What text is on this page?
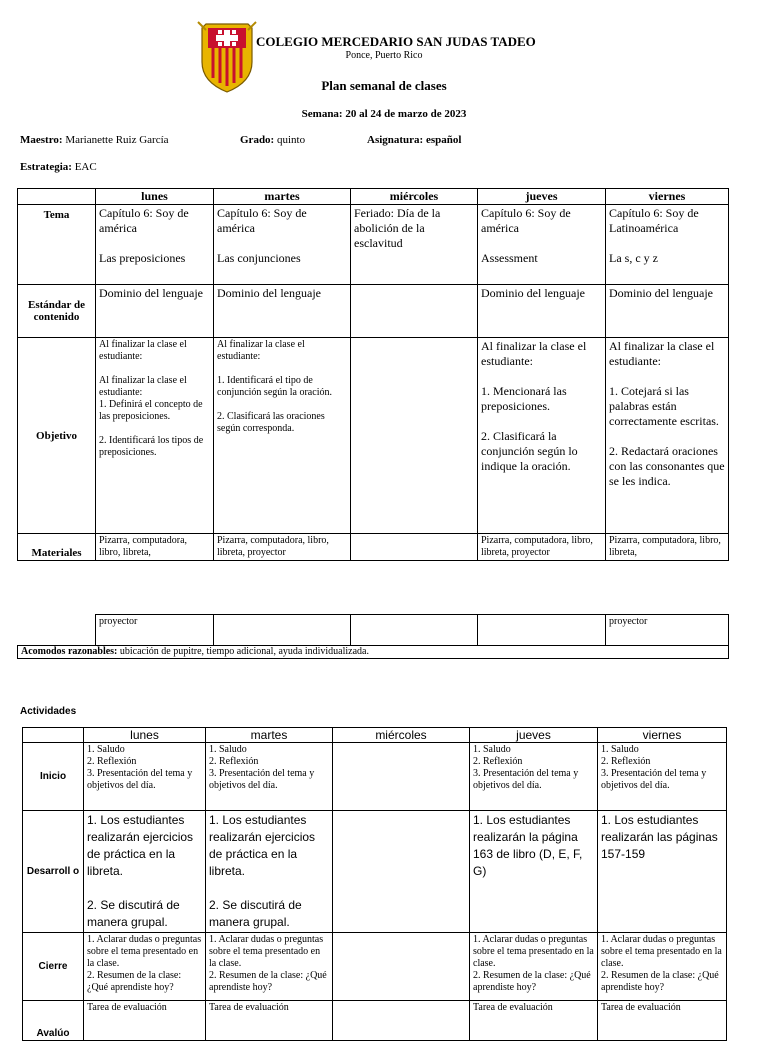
COLEGIO MERCEDARIO SAN JUDAS TADEO
Ponce, Puerto Rico
Plan semanal de clases
Semana: 20 al 24 de marzo de 2023
Maestro: Marianette Ruiz García	Grado: quinto	Asignatura: español
Estrategia: EAC
	lunes	martes	miércoles	jueves	viernes
Tema	Capítulo 6: Soy de américa

Las preposiciones	Capítulo 6: Soy de américa

Las conjunciones	Feriado: Día de la abolición de la esclavitud	Capítulo 6: Soy de américa

Assessment	Capítulo 6: Soy de Latinoamérica

La s, c y z
Estándar de contenido	Dominio del lenguaje	Dominio del lenguaje		Dominio del lenguaje	Dominio del lenguaje
Objetivo	Al finalizar la clase el estudiante:

Al finalizar la clase el estudiante:
1. Definirá el concepto de las preposiciones.

2. Identificará los tipos de preposiciones.	Al finalizar la clase el estudiante:

1. Identificará el tipo de conjunción según la oración.

2. Clasificará las oraciones según corresponda.		Al finalizar la clase el estudiante:

1. Mencionará las preposiciones.

2. Clasificará la conjunción según lo indique la oración.	Al finalizar la clase el estudiante:

1. Cotejará si las palabras están correctamente escritas.

2. Redactará oraciones con las consonantes que se les indica.
Materiales	Pizarra, computadora, libro, libreta,	Pizarra, computadora, libro, libreta, proyector		Pizarra, computadora, libro, libreta, proyector	Pizarra, computadora, libro, libreta,
	proyector				proyector
Acomodos razonables: ubicación de pupitre, tiempo adicional, ayuda individualizada.
Actividades
	lunes	martes	miércoles	jueves	viernes
Inicio	1. Saludo
2. Reflexión
3. Presentación del tema y objetivos del día.	1. Saludo
2. Reflexión
3. Presentación del tema y objetivos del día.		1. Saludo
2. Reflexión
3. Presentación del tema y objetivos del día.	1. Saludo
2. Reflexión
3. Presentación del tema y objetivos del día.
Desarroll o	1. Los estudiantes realizarán ejercicios de práctica en la libreta.

2. Se discutirá de manera grupal.	1. Los estudiantes realizarán ejercicios de práctica en la libreta.

2. Se discutirá de manera grupal.		1. Los estudiantes realizarán la página 163 de libro (D, E, F, G)	1. Los estudiantes realizarán las páginas 157-159
Cierre	1. Aclarar dudas o preguntas sobre el tema presentado en la clase.
2. Resumen de la clase: ¿Qué aprendiste hoy?	1. Aclarar dudas o preguntas sobre el tema presentado en la clase.
2. Resumen de la clase: ¿Qué aprendiste hoy?		1. Aclarar dudas o preguntas sobre el tema presentado en la clase.
2. Resumen de la clase: ¿Qué aprendiste hoy?	1. Aclarar dudas o preguntas sobre el tema presentado en la clase.
2. Resumen de la clase: ¿Qué aprendiste hoy?
Avalúo	Tarea de evaluación	Tarea de evaluación		Tarea de evaluación	Tarea de evaluación
